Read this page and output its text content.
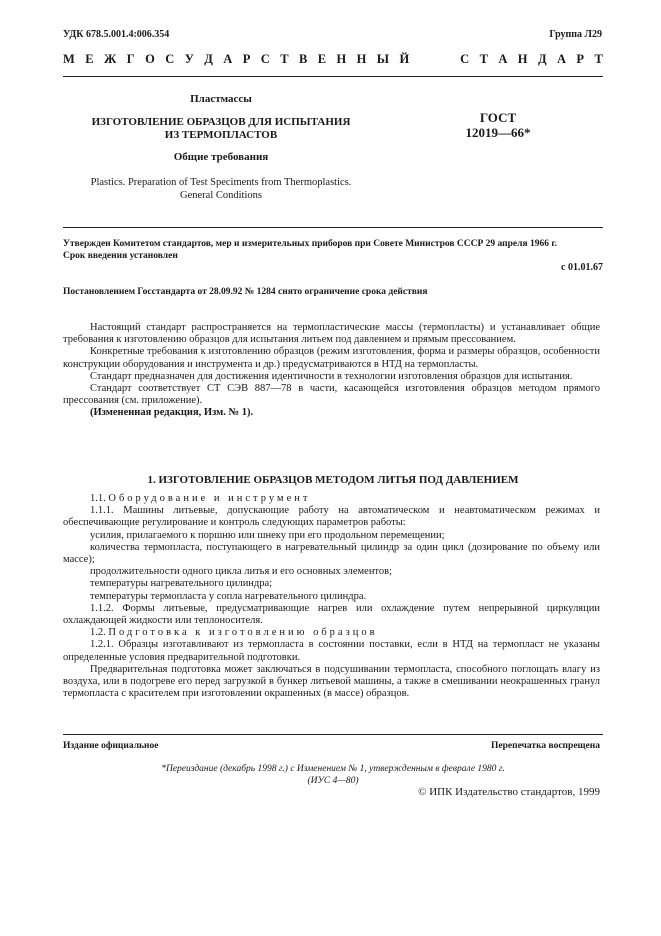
УДК 678.5.001.4:006.354	Группа Л29
М Е Ж Г О С У Д А Р С Т В Е Н Н Ы Й

	С Т А Н Д А Р Т
Пластмассы
ИЗГОТОВЛЕНИЕ ОБРАЗЦОВ ДЛЯ ИСПЫТАНИЯ
ИЗ ТЕРМОПЛАСТОВ
ГОСТ
12019—66*
Общие требования
Plastics. Preparation of Test Speciments from Thermoplastics.
General Conditions
Утвержден Комитетом стандартов, мер и измерительных приборов при Совете Министров СССР 29 апреля 1966 г.
Срок введения установлен
с 01.01.67
Постановлением Госстандарта от 28.09.92 № 1284 снято ограничение срока действия

Настоящий стандарт распространяется на термопластические массы (термопласты) и устанавливает общие требования к изготовлению образцов для испытания литьем под давлением и прямым прессованием.

Конкретные требования к изготовлению образцов (режим изготовления, форма и размеры образцов, особенности конструкции оборудования и инструмента и др.) предусматриваются в НТД на термопласты.

Стандарт предназначен для достижения идентичности в технологии изготовления образцов для испытания.

Стандарт соответствует СТ СЭВ 887—78 в части, касающейся изготовления образцов методом прямого прессования (см. приложение).

(Измененная редакция, Изм. № 1).

1. ИЗГОТОВЛЕНИЕ ОБРАЗЦОВ МЕТОДОМ ЛИТЬЯ ПОД ДАВЛЕНИЕМ

1.1. Оборудование и инструмент

1.1.1. Машины литьевые, допускающие работу на автоматическом и неавтоматическом режимах и обеспечивающие регулирование и контроль следующих параметров работы:

усилия, прилагаемого к поршню или шнеку при его продольном перемещении;

количества термопласта, поступающего в нагревательный цилиндр за один цикл (дозирование по объему или массе);

продолжительности одного цикла литья и его основных элементов;

температуры нагревательного цилиндра;

температуры термопласта у сопла нагревательного цилиндра.

1.1.2. Формы литьевые, предусматривающие нагрев или охлаждение путем непрерывной циркуляции охлаждающей жидкости или теплоносителя.

1.2. Подготовка к изготовлению образцов

1.2.1. Образцы изготавливают из термопласта в состоянии поставки, если в НТД на термопласт не указаны определенные условия предварительной подготовки.

Предварительная подготовка может заключаться в подсушивании термопласта, способного поглощать влагу из воздуха, или в подогреве его перед загрузкой в бункер литьевой машины, а также в смешивании неокрашенных гранул термопласта с красителем при изготовлении окрашенных (в массе) образцов.

Издание официальное	Перепечатка воспрещена
*Переиздание (декабрь 1998 г.) с Изменением № 1, утвержденным в феврале 1980 г.
(ИУС 4—80)
© ИПК Издательство стандартов, 1999
